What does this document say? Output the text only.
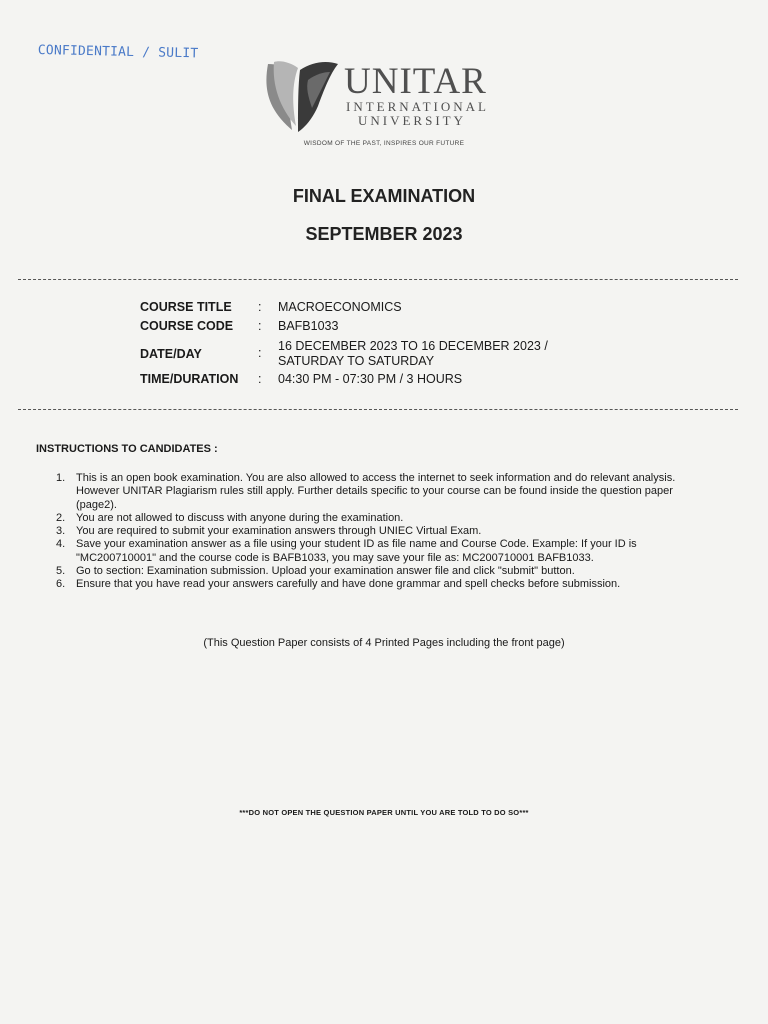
CONFIDENTIAL / SULIT
UNITAR
INTERNATIONAL
UNIVERSITY
WISDOM OF THE PAST, INSPIRES OUR FUTURE
FINAL EXAMINATION
SEPTEMBER 2023
COURSE TITLE : MACROECONOMICS
COURSE CODE : BAFB1033
DATE/DAY	: 16 DECEMBER 2023 TO 16 DECEMBER 2023 /
SATURDAY TO SATURDAY
TIME/DURATION : 04:30 PM - 07:30 PM / 3 HOURS
INSTRUCTIONS TO CANDIDATES :
1. This is an open book examination. You are also allowed to access the internet to seek information and do relevant analysis.
However UNITAR Plagiarism rules still apply. Further details specific to your course can be found inside the question paper
(page2).
2. You are not allowed to discuss with anyone during the examination.
3. You are required to submit your examination answers through UNIEC Virtual Exam.
4. Save your examination answer as a file using your student ID as file name and Course Code. Example: If your ID is
"MC200710001" and the course code is BAFB1033, you may save your file as: MC200710001 BAFB1033.
5. Go to section: Examination submission. Upload your examination answer file and click "submit" button.
6. Ensure that you have read your answers carefully and have done grammar and spell checks before submission.
(This Question Paper consists of 4 Printed Pages including the front page)
***DO NOT OPEN THE QUESTION PAPER UNTIL YOU ARE TOLD TO DO SO***
